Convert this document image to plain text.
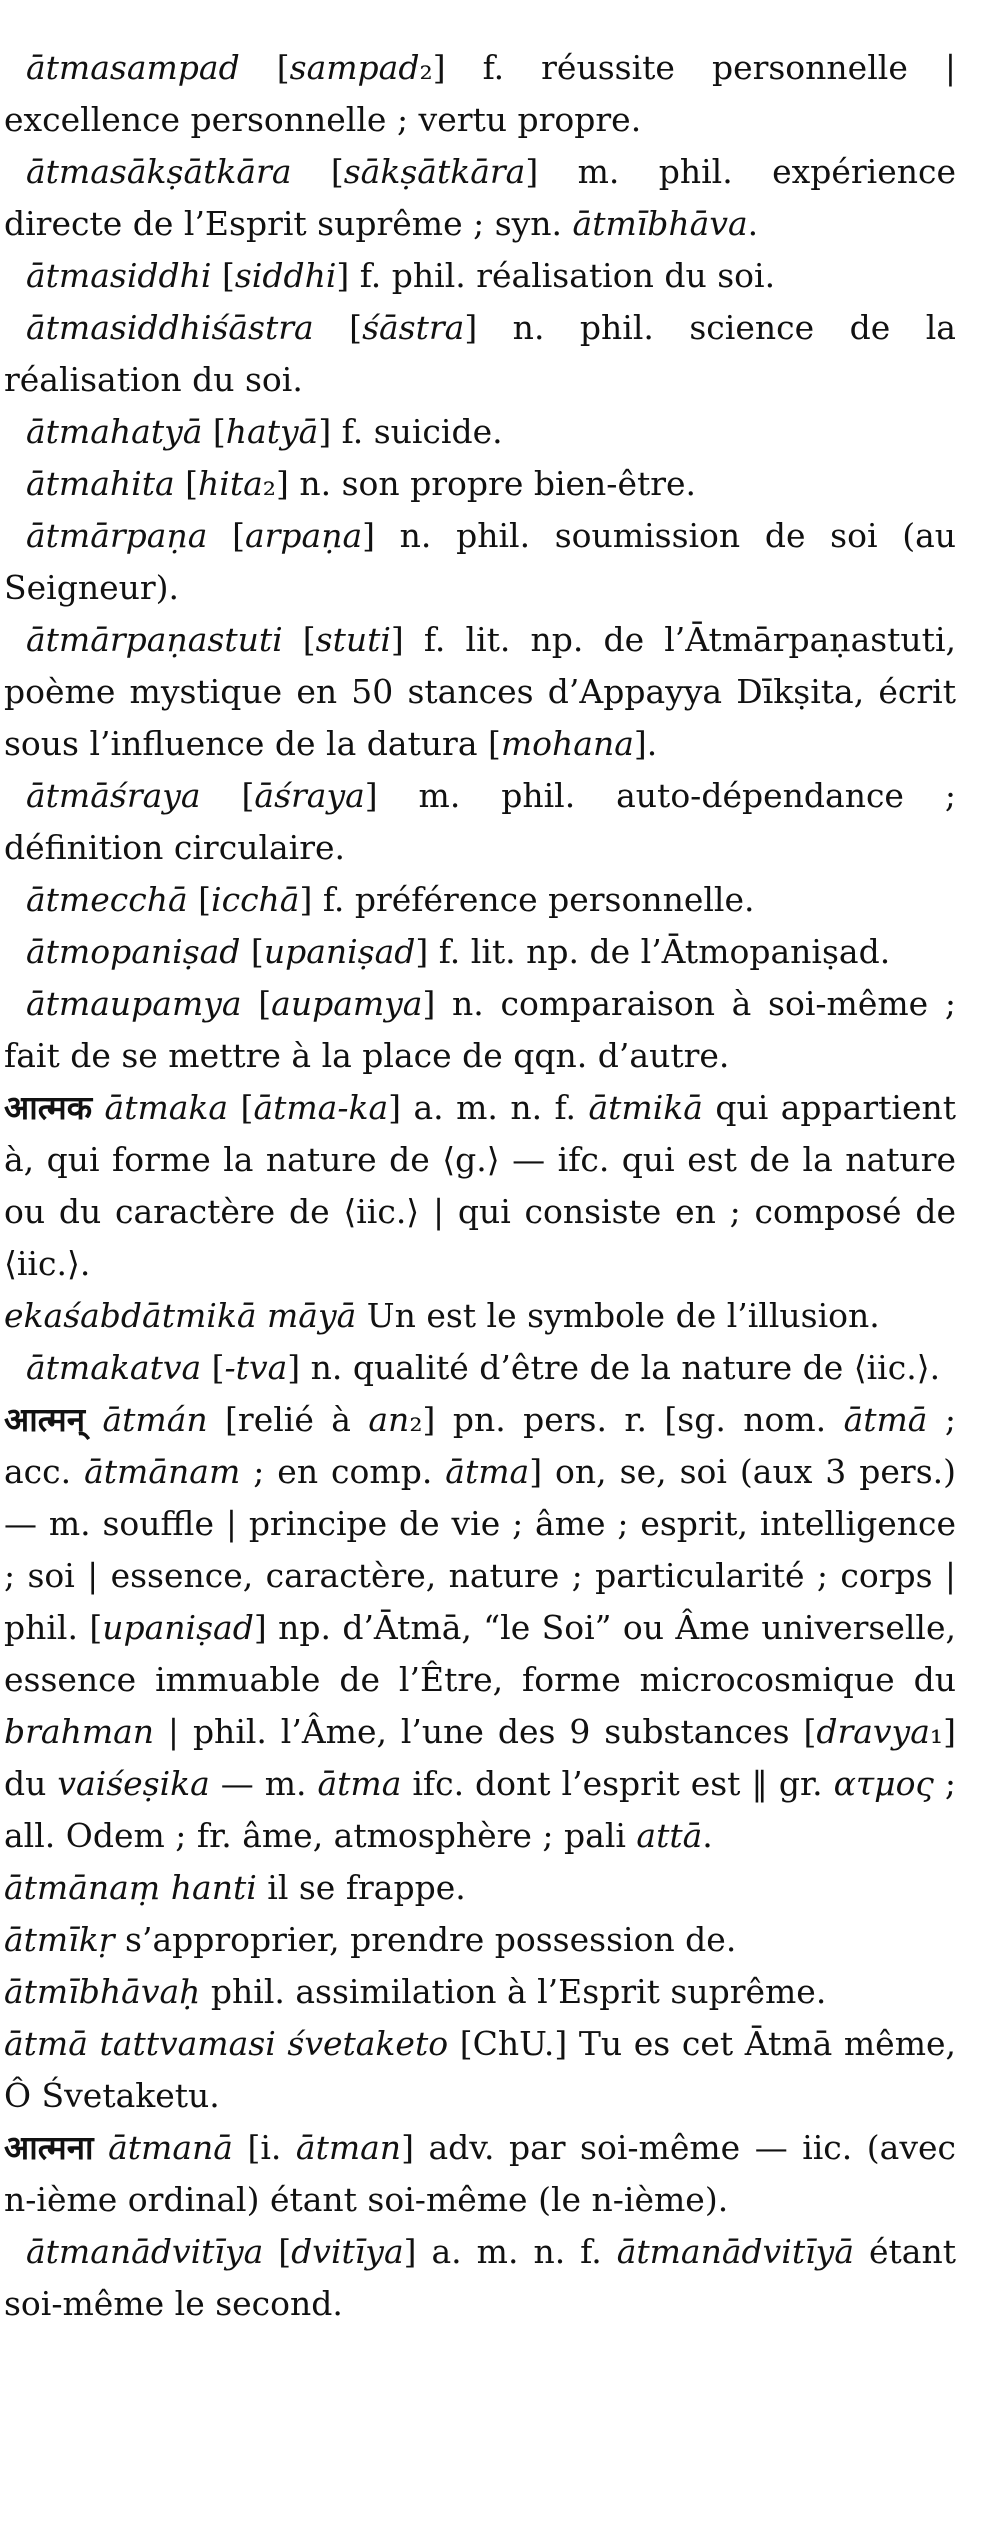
ātmasampad [sampad₂] f. réussite personnelle | excellence personnelle ; vertu propre.

ātmasākṣātkāra [sākṣātkāra] m. phil. expérience directe de l’Esprit suprême ; syn. ātmībhāva.

ātmasiddhi [siddhi] f. phil. réalisation du soi.

ātmasiddhiśāstra [śāstra] n. phil. science de la réalisation du soi.

ātmahatyā [hatyā] f. suicide.

ātmahita [hita₂] n. son propre bien-être.

ātmārpaṇa [arpaṇa] n. phil. soumission de soi (au Seigneur).

ātmārpaṇastuti [stuti] f. lit. np. de l’Ātmārpaṇastuti, poème mystique en 50 stances d’Appayya Dīkṣita, écrit sous l’influence de la datura [mohana].

ātmāśraya [āśraya] m. phil. auto-dépendance ; définition circulaire.

ātmecchā [icchā] f. préférence personnelle.

ātmopaniṣad [upaniṣad] f. lit. np. de l’Ātmopaniṣad.

ātmaupamya [aupamya] n. comparaison à soi-même ; fait de se mettre à la place de qqn. d’autre.

आत्मक ātmaka [ātma-ka] a. m. n. f. ātmikā qui appartient à, qui forme la nature de ⟨g.⟩ — ifc. qui est de la nature ou du caractère de ⟨iic.⟩ | qui consiste en ; composé de ⟨iic.⟩.

ekaśabdātmikā māyā Un est le symbole de l’illusion.

ātmakatva [-tva] n. qualité d’être de la nature de ⟨iic.⟩.

आत्मन् ātmán [relié à an₂] pn. pers. r. [sg. nom. ātmā ; acc. ātmānam ; en comp. ātma] on, se, soi (aux 3 pers.) — m. souffle | principe de vie ; âme ; esprit, intelligence ; soi | essence, caractère, nature ; particularité ; corps | phil. [upaniṣad] np. d’Ātmā, “le Soi” ou Âme universelle, essence immuable de l’Être, forme microcosmique du brahman | phil. l’Âme, l’une des 9 substances [dravya₁] du vaiśeṣika — m. ātma ifc. dont l’esprit est ‖ gr. ατμος ; all. Odem ; fr. âme, atmosphère ; pali attā.

ātmānaṃ hanti il se frappe.

ātmīkṛ s’approprier, prendre possession de.

ātmībhāvaḥ phil. assimilation à l’Esprit suprême.

ātmā tattvamasi śvetaketo [ChU.] Tu es cet Ātmā même, Ô Śvetaketu.

आत्मना ātmanā [i. ātman] adv. par soi-même — iic. (avec n-ième ordinal) étant soi-même (le n-ième).

ātmanādvitīya [dvitīya] a. m. n. f. ātmanādvitīyā étant soi-même le second.
